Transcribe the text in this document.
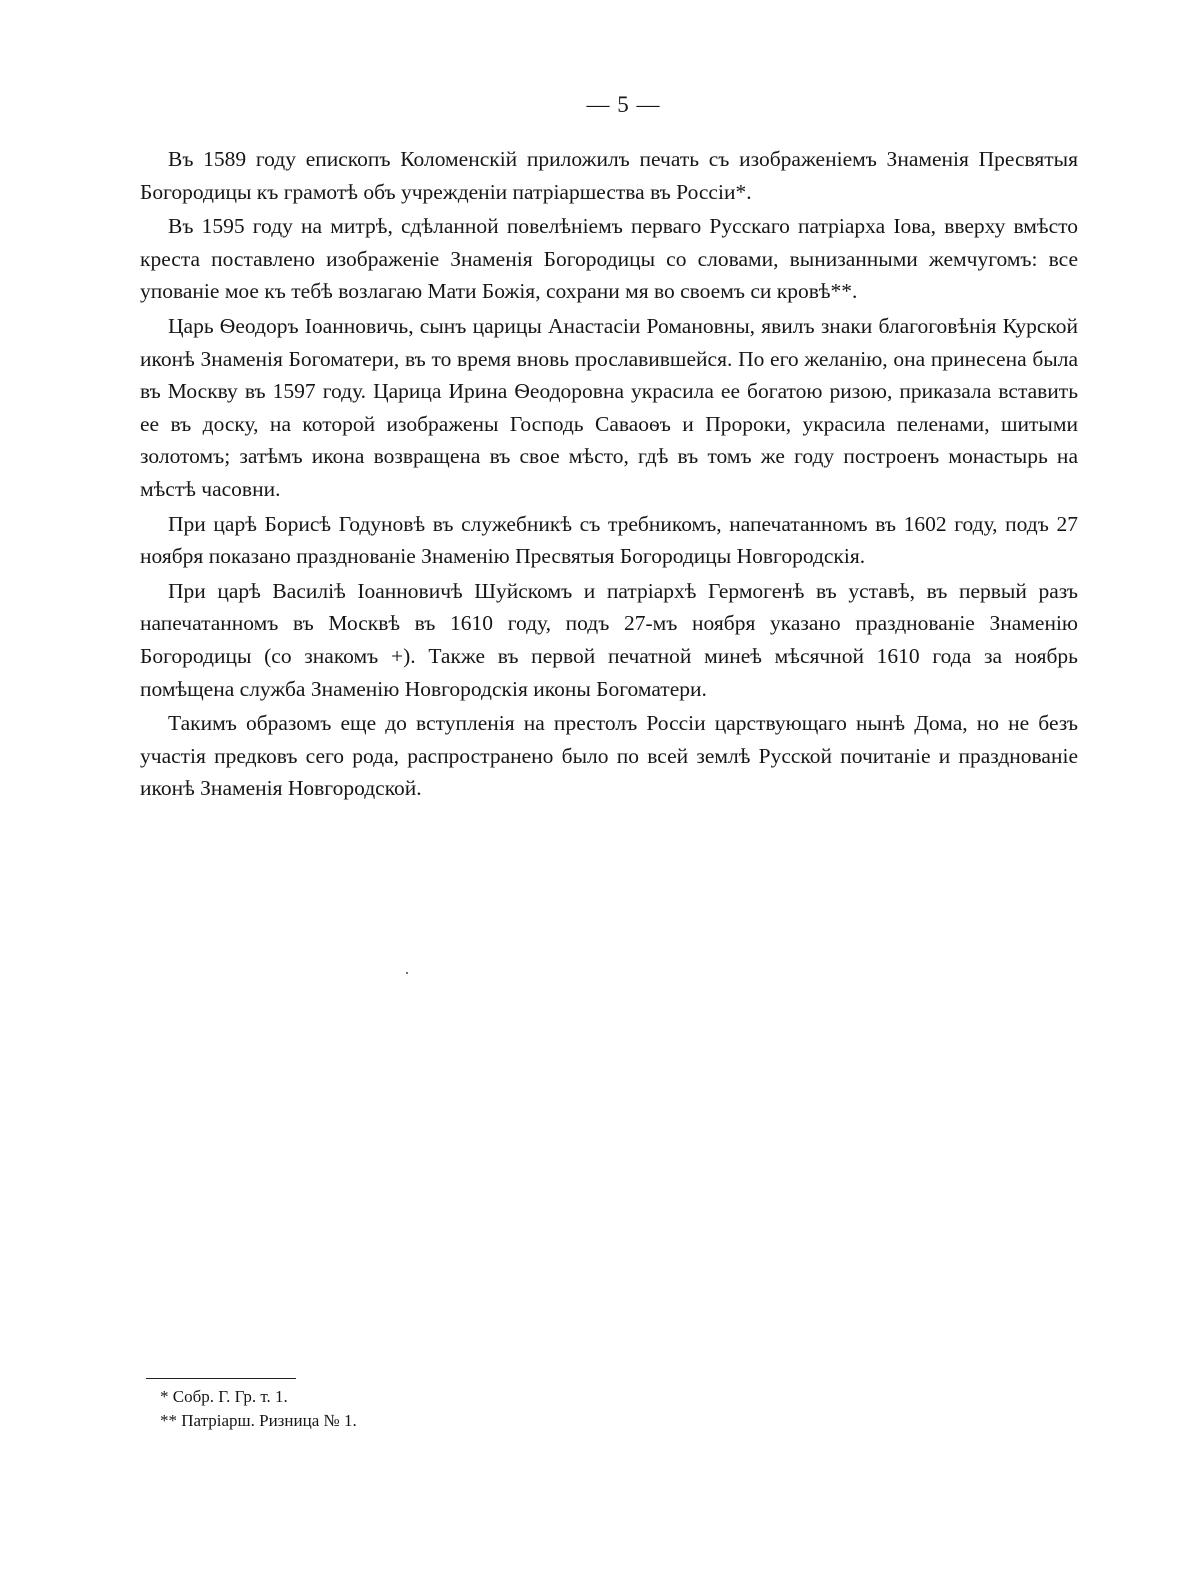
— 5 —

Въ 1589 году епископъ Коломенскій приложилъ печать съ изображеніемъ Знаменія Пресвятыя Богородицы къ грамотѣ объ учрежденіи патріаршества въ Россіи*.

Въ 1595 году на митрѣ, сдѣланной повелѣніемъ перваго Русскаго патріарха Іова, вверху вмѣсто креста поставлено изображеніе Знаменія Богородицы со словами, вынизанными жемчугомъ: все упованіе мое къ тебѣ возлагаю Мати Божія, сохрани мя во своемъ си кровѣ**.

Царь Ѳеодоръ Іоанновичь, сынъ царицы Анастасіи Романовны, явилъ знаки благоговѣнія Курской иконѣ Знаменія Богоматери, въ то время вновь прославившейся. По его желанію, она принесена была въ Москву въ 1597 году. Царица Ирина Ѳеодоровна украсила ее богатою ризою, приказала вставить ее въ доску, на которой изображены Господь Саваоѳъ и Пророки, украсила пеленами, шитыми золотомъ; затѣмъ икона возвращена въ свое мѣсто, гдѣ въ томъ же году построенъ монастырь на мѣстѣ часовни.

При царѣ Борисѣ Годуновѣ въ служебникѣ съ требникомъ, напечатанномъ въ 1602 году, подъ 27 ноября показано празднованіе Знаменію Пресвятыя Богородицы Новгородскія.

При царѣ Василіѣ Іоанновичѣ Шуйскомъ и патріархѣ Гермогенѣ въ уставѣ, въ первый разъ напечатанномъ въ Москвѣ въ 1610 году, подъ 27-мъ ноября указано празднованіе Знаменію Богородицы (со знакомъ +). Также въ первой печатной минеѣ мѣсячной 1610 года за ноябрь помѣщена служба Знаменію Новгородскія иконы Богоматери.

Такимъ образомъ еще до вступленія на престолъ Россіи царствующаго нынѣ Дома, но не безъ участія предковъ сего рода, распространено было по всей землѣ Русской почитаніе и празднованіе иконѣ Знаменія Новгородской.

* Собр. Г. Гр. т. 1.
** Патріарш. Ризница № 1.
